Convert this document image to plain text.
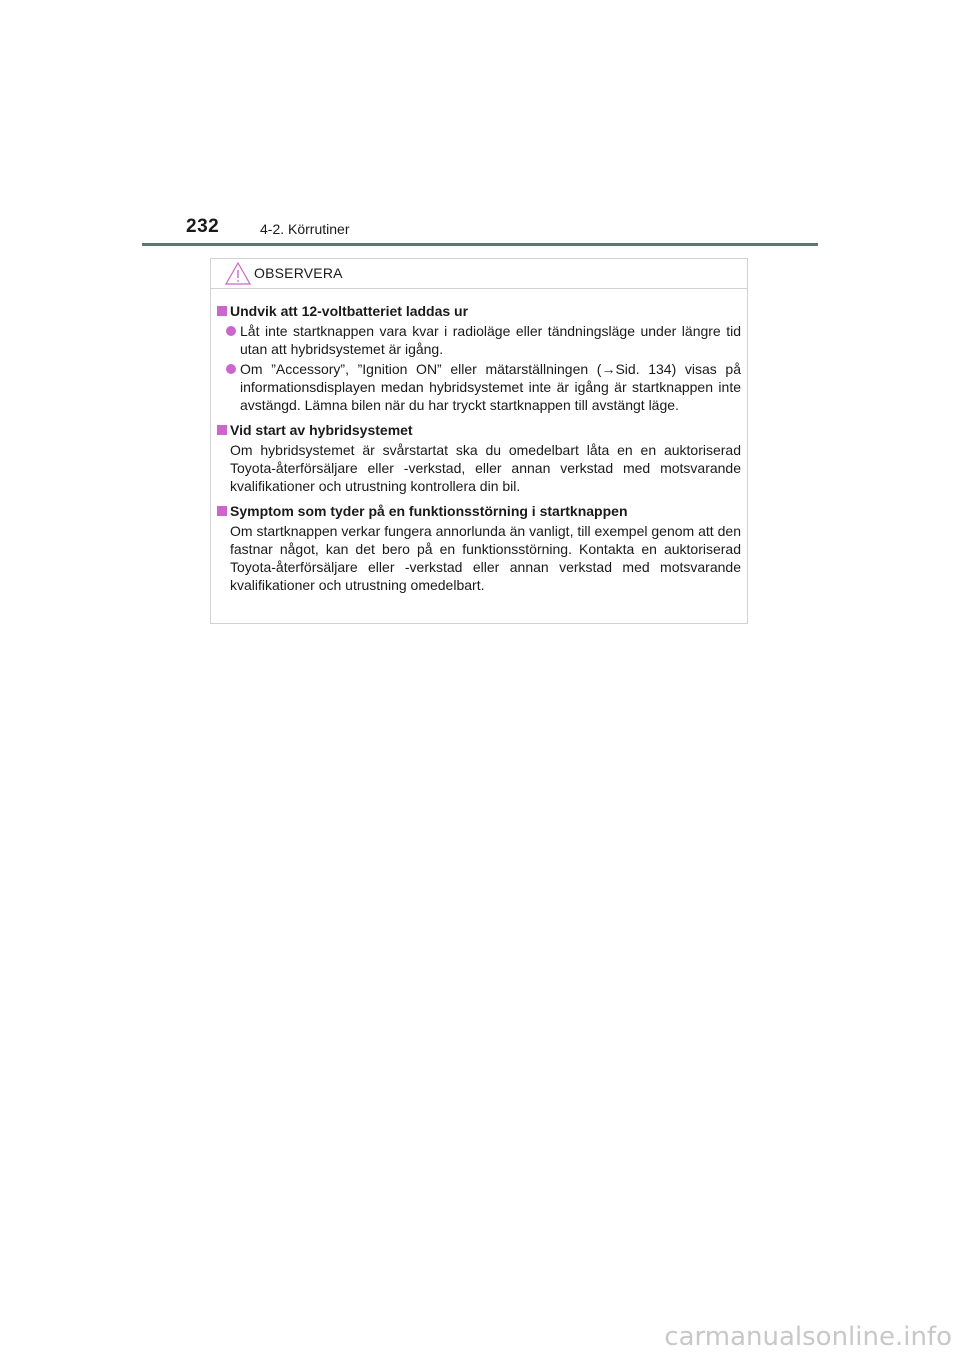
232	4-2. Körrutiner
OBSERVERA
Undvik att 12-voltbatteriet laddas ur
Låt inte startknappen vara kvar i radioläge eller tändningsläge under längre tid utan att hybridsystemet är igång.
Om ”Accessory”, ”Ignition ON” eller mätarställningen (→Sid. 134) visas på informationsdisplayen medan hybridsystemet inte är igång är startknappen inte avstängd. Lämna bilen när du har tryckt startknappen till avstängt läge.
Vid start av hybridsystemet
Om hybridsystemet är svårstartat ska du omedelbart låta en en auktoriserad Toyota-återförsäljare eller -verkstad, eller annan verkstad med motsvarande kvalifikationer och utrustning kontrollera din bil.
Symptom som tyder på en funktionsstörning i startknappen
Om startknappen verkar fungera annorlunda än vanligt, till exempel genom att den fastnar något, kan det bero på en funktionsstörning. Kontakta en auktoriserad Toyota-återförsäljare eller -verkstad eller annan verkstad med motsvarande kvalifikationer och utrustning omedelbart.
carmanualsonline.info
